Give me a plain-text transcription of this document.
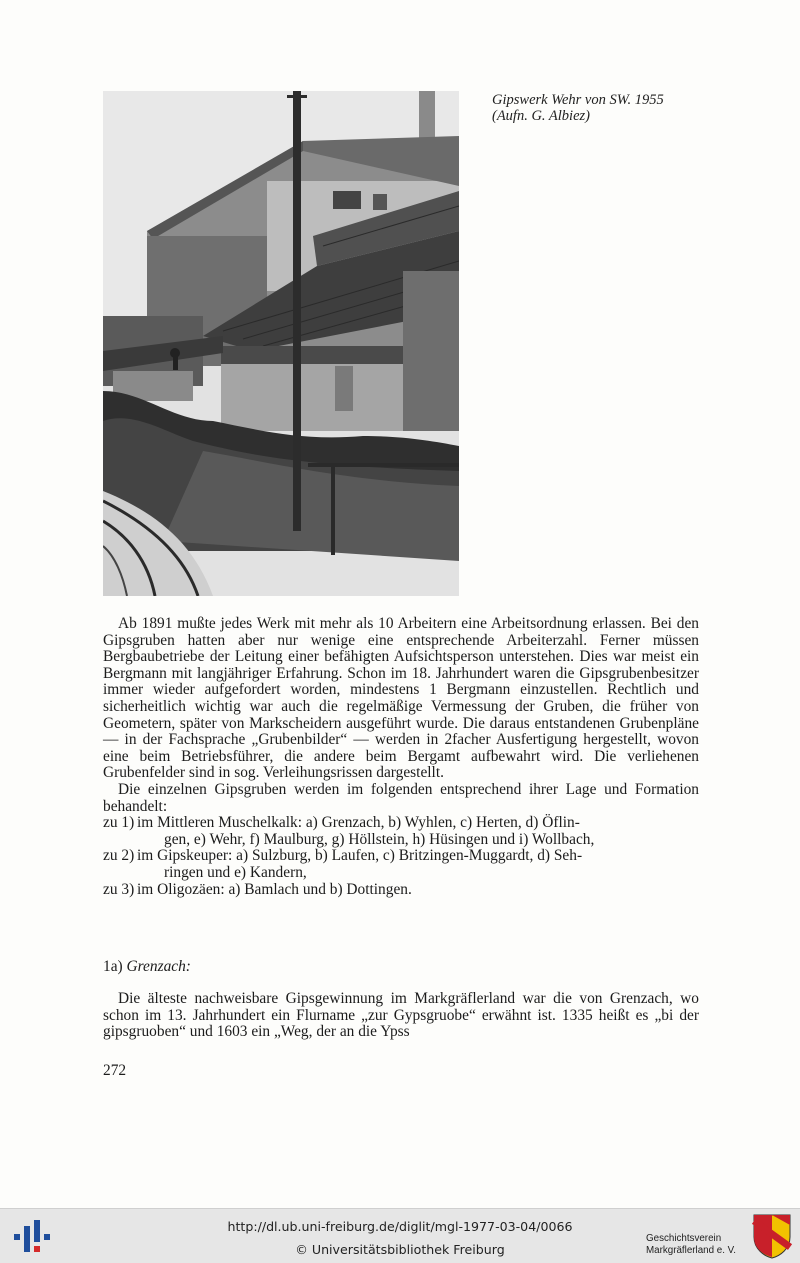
Gipswerk Wehr von SW. 1955
(Aufn. G. Albiez)

Ab 1891 mußte jedes Werk mit mehr als 10 Arbeitern eine Arbeitsordnung erlassen. Bei den Gipsgruben hatten aber nur wenige eine entsprechende Arbeiterzahl. Ferner müssen Bergbaubetriebe der Leitung einer befähigten Aufsichtsperson unterstehen. Dies war meist ein Bergmann mit langjähriger Erfahrung. Schon im 18. Jahrhundert waren die Gipsgrubenbesitzer immer wieder aufgefordert worden, mindestens 1 Bergmann einzustellen. Rechtlich und sicherheitlich wichtig war auch die regelmäßige Vermessung der Gruben, die früher von Geometern, später von Markscheidern ausgeführt wurde. Die daraus entstandenen Grubenpläne — in der Fachsprache „Grubenbilder“ — werden in 2facher Ausfertigung hergestellt, wovon eine beim Betriebsführer, die andere beim Bergamt aufbewahrt wird. Die verliehenen Grubenfelder sind in sog. Verleihungsrissen dargestellt.

Die einzelnen Gipsgruben werden im folgenden entsprechend ihrer Lage und Formation behandelt:

zu 1) im Mittleren Muschelkalk: a) Grenzach, b) Wyhlen, c) Herten, d) Öflin-
gen, e) Wehr, f) Maulburg, g) Höllstein, h) Hüsingen und i) Wollbach,
zu 2) im Gipskeuper: a) Sulzburg, b) Laufen, c) Britzingen-Muggardt, d) Seh-
ringen und e) Kandern,
zu 3) im Oligozäen: a) Bamlach und b) Dottingen.
1a) Grenzach:

Die älteste nachweisbare Gipsgewinnung im Markgräflerland war die von Grenzach, wo schon im 13. Jahrhundert ein Flurname „zur Gypsgruobe“ erwähnt ist. 1335 heißt es „bi der gipsgruoben“ und 1603 ein „Weg, der an die Ypss

272
http://dl.ub.uni-freiburg.de/diglit/mgl-1977-03-04/0066
© Universitätsbibliothek Freiburg
Geschichtsverein
Markgräflerland e. V.
